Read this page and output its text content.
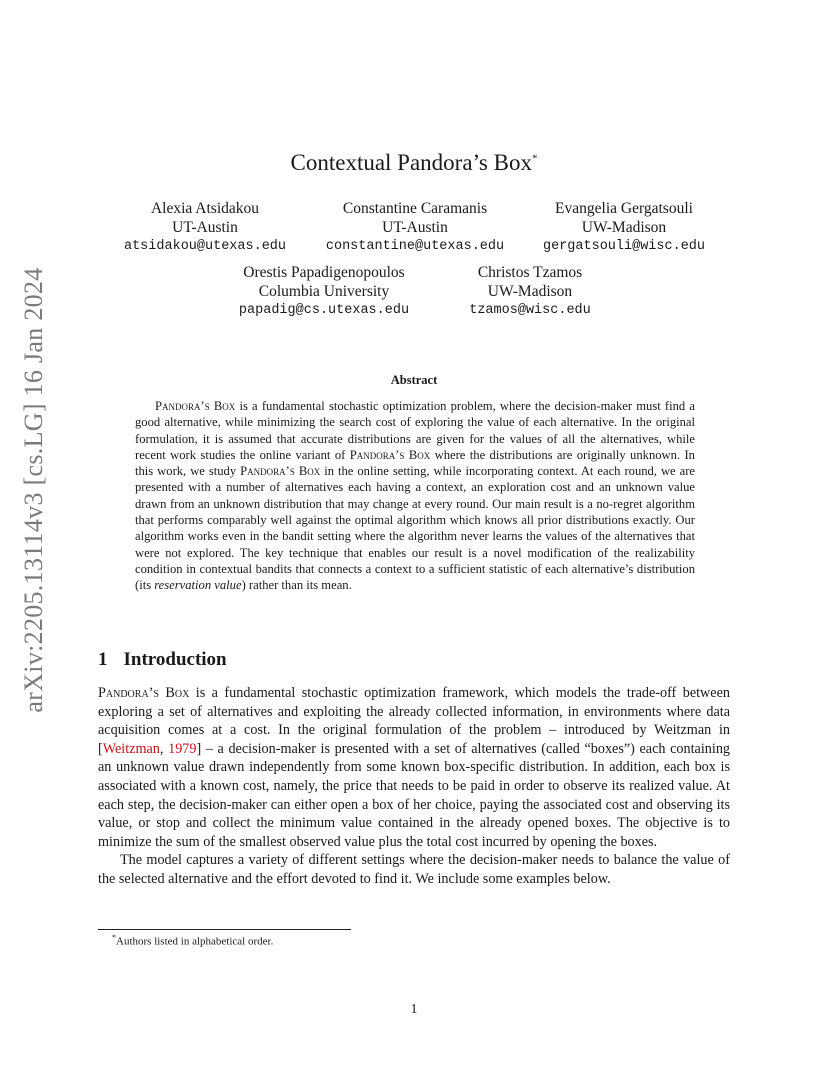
arXiv:2205.13114v3 [cs.LG] 16 Jan 2024
Contextual Pandora’s Box*
Alexia Atsidakou
UT-Austin
atsidakou@utexas.edu
Constantine Caramanis
UT-Austin
constantine@utexas.edu
Evangelia Gergatsouli
UW-Madison
gergatsouli@wisc.edu
Orestis Papadigenopoulos
Columbia University
papadig@cs.utexas.edu
Christos Tzamos
UW-Madison
tzamos@wisc.edu
Abstract
Pandora’s Box is a fundamental stochastic optimization problem, where the decision-maker must find a good alternative, while minimizing the search cost of exploring the value of each alternative. In the original formulation, it is assumed that accurate distributions are given for the values of all the alternatives, while recent work studies the online variant of Pandora’s Box where the distributions are originally unknown. In this work, we study Pandora’s Box in the online setting, while incorporating context. At each round, we are presented with a number of alternatives each having a context, an exploration cost and an unknown value drawn from an unknown distribution that may change at every round. Our main result is a no-regret algorithm that performs comparably well against the optimal algorithm which knows all prior distributions exactly. Our algorithm works even in the bandit setting where the algorithm never learns the values of the alternatives that were not explored. The key technique that enables our result is a novel modification of the realizability condition in contextual bandits that connects a context to a sufficient statistic of each alternative’s distribution (its reservation value) rather than its mean.
1 Introduction

Pandora’s Box is a fundamental stochastic optimization framework, which models the trade-off between exploring a set of alternatives and exploiting the already collected information, in environments where data acquisition comes at a cost. In the original formulation of the problem – introduced by Weitzman in [Weitzman, 1979] – a decision-maker is presented with a set of alternatives (called “boxes”) each containing an unknown value drawn independently from some known box-specific distribution. In addition, each box is associated with a known cost, namely, the price that needs to be paid in order to observe its realized value. At each step, the decision-maker can either open a box of her choice, paying the associated cost and observing its value, or stop and collect the minimum value contained in the already opened boxes. The objective is to minimize the sum of the smallest observed value plus the total cost incurred by opening the boxes.

The model captures a variety of different settings where the decision-maker needs to balance the value of the selected alternative and the effort devoted to find it. We include some examples below.

*Authors listed in alphabetical order.
1
